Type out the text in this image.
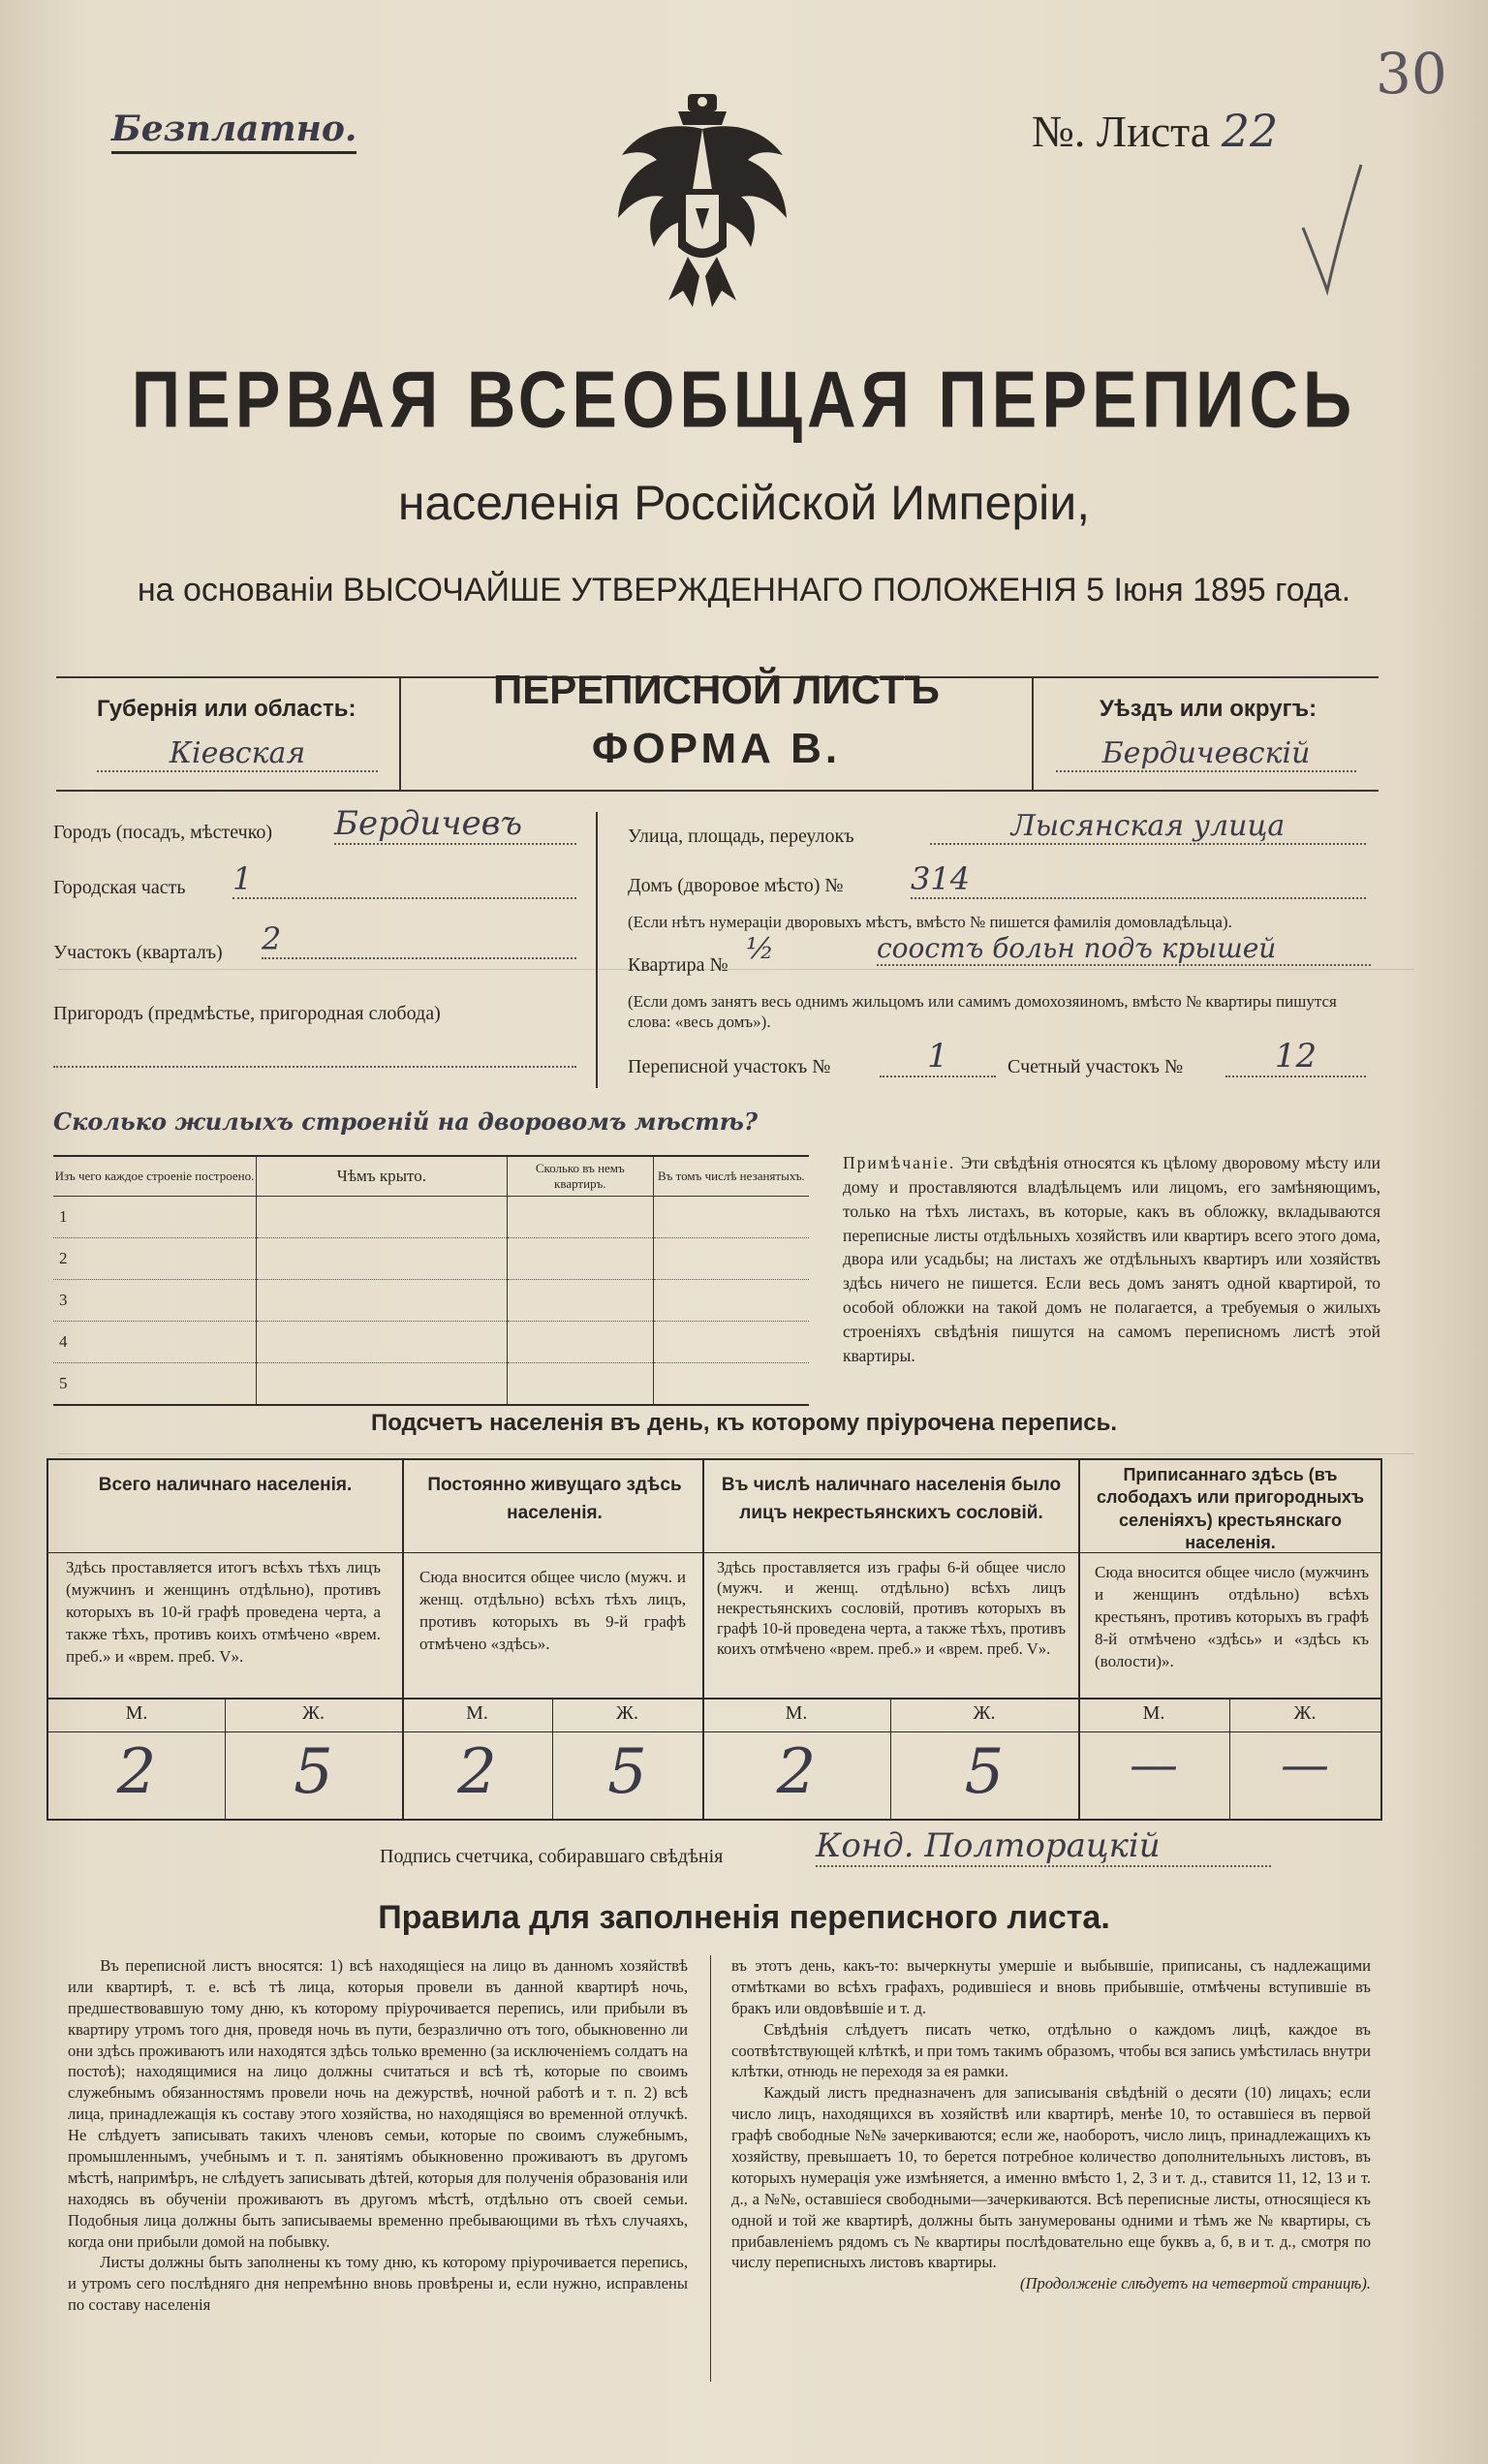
Безплатно.	№. Листа 22
30
ПЕРВАЯ ВСЕОБЩАЯ ПЕРЕПИСЬ
населенія Россійской Имперіи,
на основаніи ВЫСОЧАЙШЕ УТВЕРЖДЕННАГО ПОЛОЖЕНІЯ 5 Іюня 1895 года.
Губернія или область:
Кіевская
ПЕРЕПИСНОЙ ЛИСТЪ
ФОРМА В.
Уѣздъ или округъ:
Бердичевскій
Городъ (посадъ, мѣстечко) Бердичевъ
Городская часть 1
Участокъ (кварталъ) 2
Пригородъ (предмѣстье, пригородная слобода)
Улица, площадь, переулокъ	Лысянская улица
Домъ (дворовое мѣсто) № 314
(Если нѣтъ нумераціи дворовыхъ мѣстъ, вмѣсто № пишется фамилія домовладѣльца).
Квартира № ½	соостъ больн подъ крышей
(Если домъ занятъ весь однимъ жильцомъ или самимъ домохозяиномъ, вмѣсто № квартиры пишутся слова: «весь домъ»).
Переписной участокъ №	1	Счетный участокъ №	12
Сколько жилыхъ строеній на дворовомъ мѣстѣ?
Изъ чего каждое строеніе построено.	Чѣмъ крыто.	Сколько въ немъ квартиръ.	Въ томъ числѣ незанятыхъ.
1			
2			
3			
4			
5			
Примѣчаніе. Эти свѣдѣнія относятся къ цѣлому дворовому мѣсту или дому и проставляются владѣльцемъ или лицомъ, его замѣняющимъ, только на тѣхъ листахъ, въ которые, какъ въ обложку, вкладываются переписные листы отдѣльныхъ хозяйствъ или квартиръ всего этого дома, двора или усадьбы; на листахъ же отдѣльныхъ квартиръ или хозяйствъ здѣсь ничего не пишется. Если весь домъ занятъ одной квартирой, то особой обложки на такой домъ не полагается, а требуемыя о жилыхъ строеніяхъ свѣдѣнія пишутся на самомъ переписномъ листѣ этой квартиры.
Подсчетъ населенія въ день, къ которому пріурочена перепись.
Всего наличнаго населенія.
Здѣсь проставляется итогъ всѣхъ тѣхъ лицъ (мужчинъ и женщинъ отдѣльно), противъ которыхъ въ 10-й графѣ проведена черта, а также тѣхъ, противъ коихъ отмѣчено «врем. преб.» и «врем. преб. V».
Постоянно живущаго здѣсь населенія.
Сюда вносится общее число (мужч. и женщ. отдѣльно) всѣхъ тѣхъ лицъ, противъ которыхъ въ 9-й графѣ отмѣчено «здѣсь».
Въ числѣ наличнаго населенія было лицъ некрестьянскихъ сословій.
Здѣсь проставляется изъ графы 6-й общее число (мужч. и женщ. отдѣльно) всѣхъ лицъ некрестьянскихъ сословій, противъ которыхъ въ графѣ 10-й проведена черта, а также тѣхъ, противъ коихъ отмѣчено «врем. преб.» и «врем. преб. V».
Приписаннаго здѣсь (въ слободахъ или пригородныхъ селеніяхъ) крестьянскаго населенія.
Сюда вносится общее число (мужчинъ и женщинъ отдѣльно) всѣхъ крестьянъ, противъ которыхъ въ графѣ 8-й отмѣчено «здѣсь» и «здѣсь къ (волости)».
М.	Ж.	М.	Ж.	М.	Ж.	М.	Ж.
2	5	2	5	2	5	—	—
Подпись счетчика, собиравшаго свѣдѣнія	Конд. Полторацкій
Правила для заполненія переписного листа.
Въ переписной листъ вносятся: 1) всѣ находящіеся на лицо въ данномъ хозяйствѣ или квартирѣ, т. е. всѣ тѣ лица, которыя провели въ данной квартирѣ ночь, предшествовавшую тому дню, къ которому пріурочивается перепись, или прибыли въ квартиру утромъ того дня, проведя ночь въ пути, безразлично отъ того, обыкновенно ли они здѣсь проживаютъ или находятся здѣсь только временно (за исключеніемъ солдатъ на постоѣ); находящимися на лицо должны считаться и всѣ тѣ, которые по своимъ служебнымъ обязанностямъ провели ночь на дежурствѣ, ночной работѣ и т. п. 2) всѣ лица, принадлежащія къ составу этого хозяйства, но находящіяся во временной отлучкѣ. Не слѣдуетъ записывать такихъ членовъ семьи, которые по своимъ служебнымъ, промышленнымъ, учебнымъ и т. п. занятіямъ обыкновенно проживаютъ въ другомъ мѣстѣ, напримѣръ, не слѣдуетъ записывать дѣтей, которыя для полученія образованія или находясь въ обученіи проживаютъ въ другомъ мѣстѣ, отдѣльно отъ своей семьи. Подобныя лица должны быть записываемы временно пребывающими въ тѣхъ случаяхъ, когда они прибыли домой на побывку.
Листы должны быть заполнены къ тому дню, къ которому пріурочивается перепись, и утромъ сего послѣдняго дня непремѣнно вновь провѣрены и, если нужно, исправлены по составу населенія
въ этотъ день, какъ-то: вычеркнуты умершіе и выбывшіе, приписаны, съ надлежащими отмѣтками во всѣхъ графахъ, родившіеся и вновь прибывшіе, отмѣчены вступившіе въ бракъ или овдовѣвшіе и т. д.
Свѣдѣнія слѣдуетъ писать четко, отдѣльно о каждомъ лицѣ, каждое въ соотвѣтствующей клѣткѣ, и при томъ такимъ образомъ, чтобы вся запись умѣстилась внутри клѣтки, отнюдь не переходя за ея рамки.
Каждый листъ предназначенъ для записыванія свѣдѣній о десяти (10) лицахъ; если число лицъ, находящихся въ хозяйствѣ или квартирѣ, менѣе 10, то оставшіеся въ первой графѣ свободные №№ зачеркиваются; если же, наоборотъ, число лицъ, принадлежащихъ къ хозяйству, превышаетъ 10, то берется потребное количество дополнительныхъ листовъ, въ которыхъ нумерація уже измѣняется, а именно вмѣсто 1, 2, 3 и т. д., ставится 11, 12, 13 и т. д., а №№, оставшіеся свободными—зачеркиваются. Всѣ переписные листы, относящіеся къ одной и той же квартирѣ, должны быть занумерованы одними и тѣмъ же № квартиры, съ прибавленіемъ рядомъ съ № квартиры послѣдовательно еще буквъ а, б, в и т. д., смотря по числу переписныхъ листовъ квартиры.
(Продолженіе слѣдуетъ на четвертой страницѣ).
